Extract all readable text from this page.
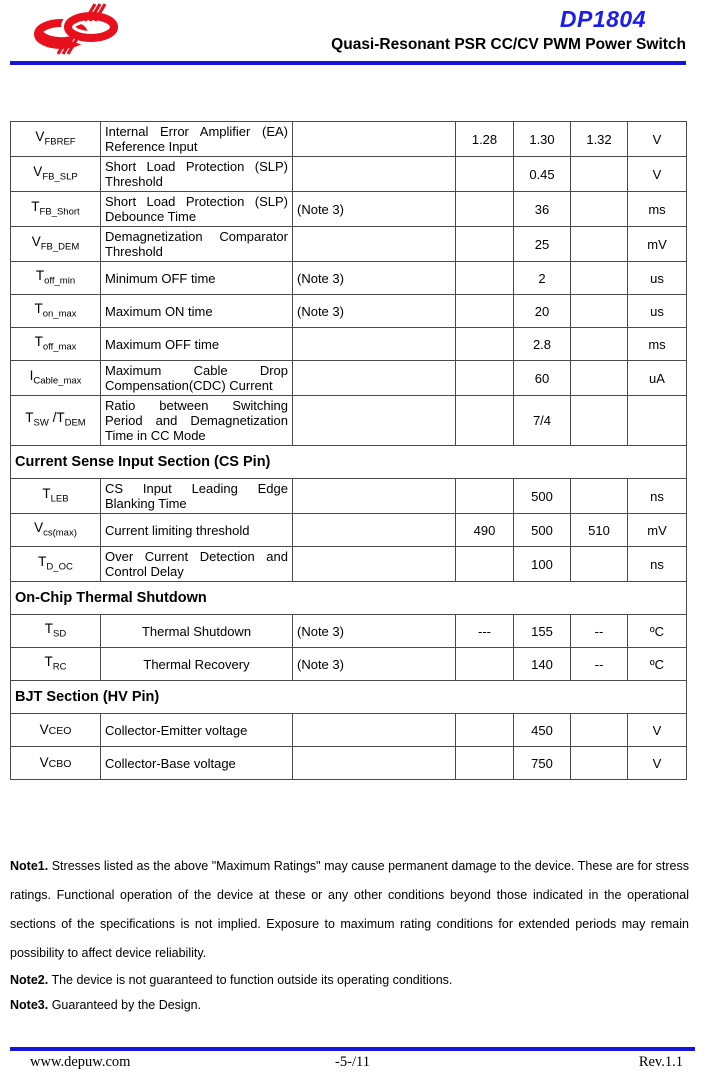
DP1804
Quasi-Resonant PSR CC/CV PWM Power Switch
$V_{FBREF}$	Internal Error Amplifier (EA) Reference Input		1.28	1.30	1.32	V
$V_{FB\_SLP}$	Short Load Protection (SLP) Threshold			0.45		V
$T_{FB\_Short}$	Short Load Protection (SLP) Debounce Time	(Note 3)		36		ms
$V_{FB\_DEM}$	Demagnetization Comparator Threshold			25		mV
$T_{off\_min}$	Minimum OFF time	(Note 3)		2		us
$T_{on\_max}$	Maximum ON time	(Note 3)		20		us
$T_{off\_max}$	Maximum OFF time			2.8		ms
$I_{Cable\_max}$	Maximum Cable Drop Compensation(CDC) Current			60		uA
$T_{SW}$ $/T_{DEM}$	Ratio between Switching Period and Demagnetization Time in CC Mode			7/4		
Current Sense Input Section (CS Pin)						
$T_{LEB}$	CS Input Leading Edge Blanking Time			500		ns
$V_{cs(max)}$	Current limiting threshold		490	500	510	mV
$T_{D\_OC}$	Over Current Detection and Control Delay			100		ns
On-Chip Thermal Shutdown						
$T_{SD}$	Thermal Shutdown	(Note 3)	---	155	--	ºC
$T_{RC}$	Thermal Recovery	(Note 3)		140	--	ºC
BJT Section (HV Pin)						
VCEO	Collector-Emitter voltage			450		V
VCBO	Collector-Base voltage			750		V

Note1. Stresses listed as the above "Maximum Ratings" may cause permanent damage to the device. These are for stress ratings. Functional operation of the device at these or any other conditions beyond those indicated in the operational sections of the specifications is not implied. Exposure to maximum rating conditions for extended periods may remain possibility to affect device reliability.

Note2. The device is not guaranteed to function outside its operating conditions.

Note3. Guaranteed by the Design.

www.depuw.com	-5-/11	Rev.1.1
